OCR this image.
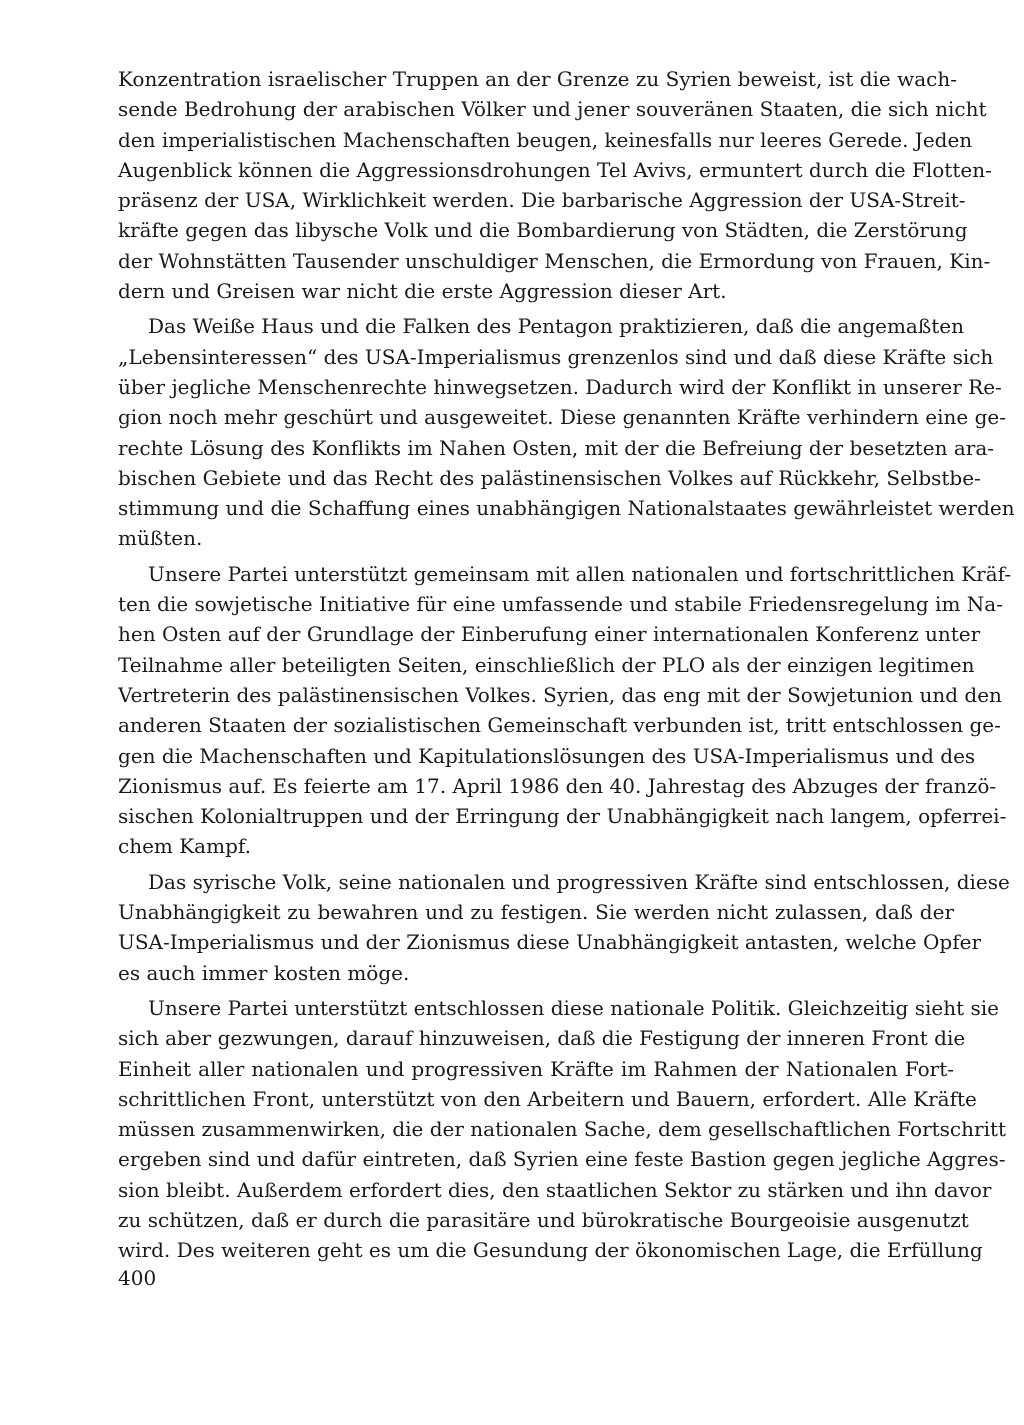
Konzentration israelischer Truppen an der Grenze zu Syrien beweist, ist die wach-
sende Bedrohung der arabischen Völker und jener souveränen Staaten, die sich nicht
den imperialistischen Machenschaften beugen, keinesfalls nur leeres Gerede. Jeden
Augenblick können die Aggressionsdrohungen Tel Avivs, ermuntert durch die Flotten-
präsenz der USA, Wirklichkeit werden. Die barbarische Aggression der USA-Streit-
kräfte gegen das libysche Volk und die Bombardierung von Städten, die Zerstörung
der Wohnstätten Tausender unschuldiger Menschen, die Ermordung von Frauen, Kin-
dern und Greisen war nicht die erste Aggression dieser Art.

Das Weiße Haus und die Falken des Pentagon praktizieren, daß die angemaßten
„Lebensinteressen“ des USA-Imperialismus grenzenlos sind und daß diese Kräfte sich
über jegliche Menschenrechte hinwegsetzen. Dadurch wird der Konflikt in unserer Re-
gion noch mehr geschürt und ausgeweitet. Diese genannten Kräfte verhindern eine ge-
rechte Lösung des Konflikts im Nahen Osten, mit der die Befreiung der besetzten ara-
bischen Gebiete und das Recht des palästinensischen Volkes auf Rückkehr, Selbstbe-
stimmung und die Schaffung eines unabhängigen Nationalstaates gewährleistet werden
müßten.

Unsere Partei unterstützt gemeinsam mit allen nationalen und fortschrittlichen Kräf-
ten die sowjetische Initiative für eine umfassende und stabile Friedensregelung im Na-
hen Osten auf der Grundlage der Einberufung einer internationalen Konferenz unter
Teilnahme aller beteiligten Seiten, einschließlich der PLO als der einzigen legitimen
Vertreterin des palästinensischen Volkes. Syrien, das eng mit der Sowjetunion und den
anderen Staaten der sozialistischen Gemeinschaft verbunden ist, tritt entschlossen ge-
gen die Machenschaften und Kapitulationslösungen des USA-Imperialismus und des
Zionismus auf. Es feierte am 17. April 1986 den 40. Jahrestag des Abzuges der franzö-
sischen Kolonialtruppen und der Erringung der Unabhängigkeit nach langem, opferrei-
chem Kampf.

Das syrische Volk, seine nationalen und progressiven Kräfte sind entschlossen, diese
Unabhängigkeit zu bewahren und zu festigen. Sie werden nicht zulassen, daß der
USA-Imperialismus und der Zionismus diese Unabhängigkeit antasten, welche Opfer
es auch immer kosten möge.

Unsere Partei unterstützt entschlossen diese nationale Politik. Gleichzeitig sieht sie
sich aber gezwungen, darauf hinzuweisen, daß die Festigung der inneren Front die
Einheit aller nationalen und progressiven Kräfte im Rahmen der Nationalen Fort-
schrittlichen Front, unterstützt von den Arbeitern und Bauern, erfordert. Alle Kräfte
müssen zusammenwirken, die der nationalen Sache, dem gesellschaftlichen Fortschritt
ergeben sind und dafür eintreten, daß Syrien eine feste Bastion gegen jegliche Aggres-
sion bleibt. Außerdem erfordert dies, den staatlichen Sektor zu stärken und ihn davor
zu schützen, daß er durch die parasitäre und bürokratische Bourgeoisie ausgenutzt
wird. Des weiteren geht es um die Gesundung der ökonomischen Lage, die Erfüllung

400
